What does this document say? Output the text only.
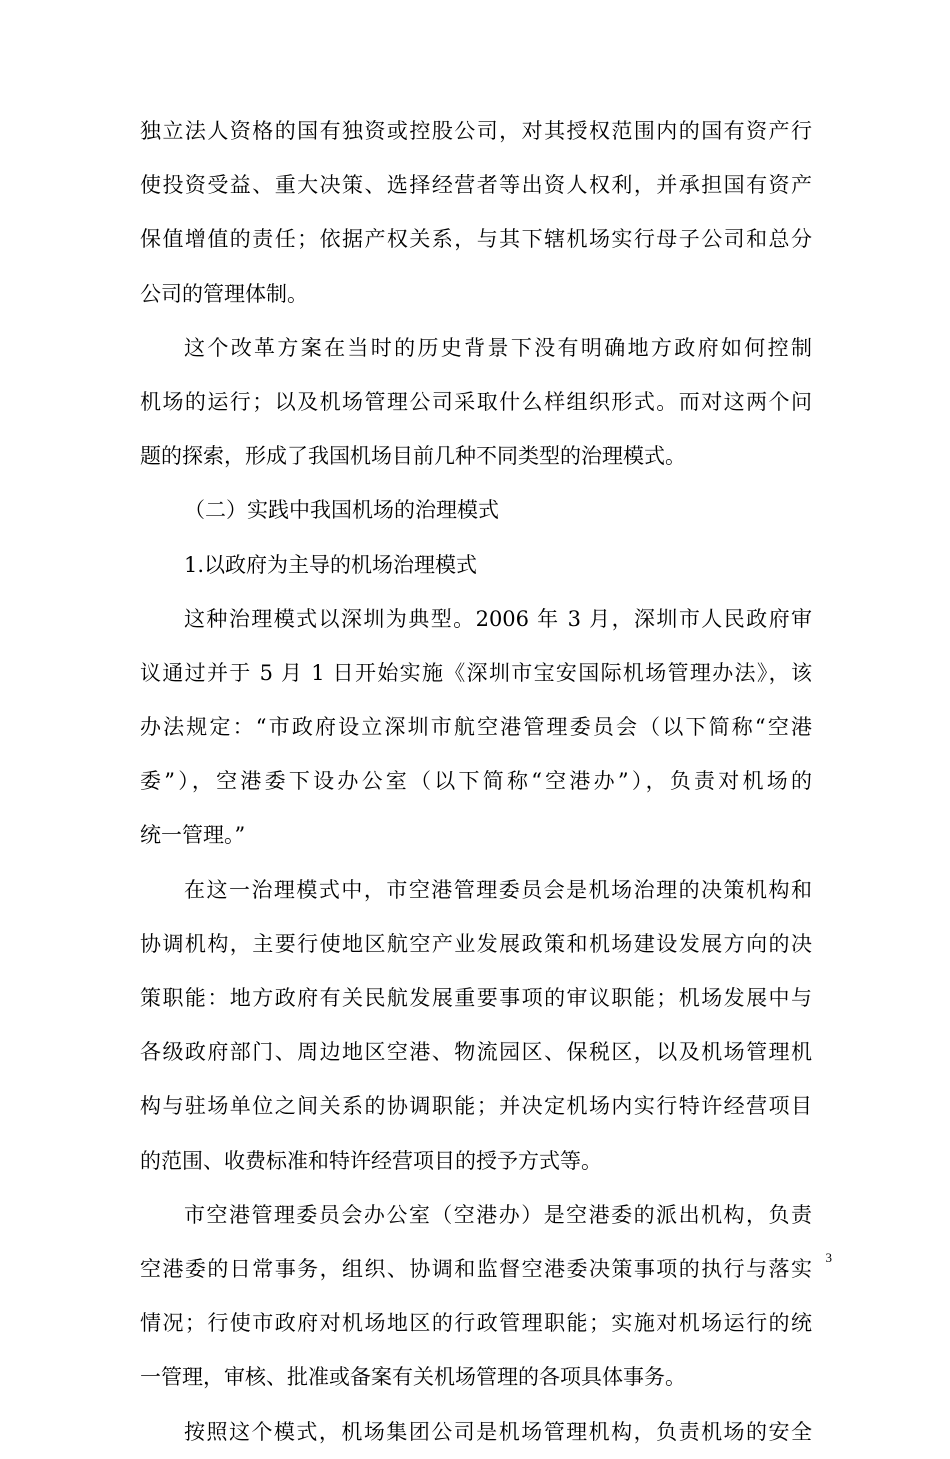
独立法人资格的国有独资或控股公司，对其授权范围内的国有资产行
使投资受益、重大决策、选择经营者等出资人权利，并承担国有资产
保值增值的责任；依据产权关系，与其下辖机场实行母子公司和总分
公司的管理体制。
这个改革方案在当时的历史背景下没有明确地方政府如何控制
机场的运行；以及机场管理公司采取什么样组织形式。而对这两个问
题的探索，形成了我国机场目前几种不同类型的治理模式。
（二）实践中我国机场的治理模式
1.以政府为主导的机场治理模式
这种治理模式以深圳为典型。2006 年 3 月，深圳市人民政府审
议通过并于 5 月 1 日开始实施《深圳市宝安国际机场管理办法》，该
办法规定：“市政府设立深圳市航空港管理委员会（以下简称“空港
委”），空港委下设办公室（以下简称“空港办”），负责对机场的
统一管理。”
在这一治理模式中，市空港管理委员会是机场治理的决策机构和
协调机构，主要行使地区航空产业发展政策和机场建设发展方向的决
策职能：地方政府有关民航发展重要事项的审议职能；机场发展中与
各级政府部门、周边地区空港、物流园区、保税区，以及机场管理机
构与驻场单位之间关系的协调职能；并决定机场内实行特许经营项目
的范围、收费标准和特许经营项目的授予方式等。
市空港管理委员会办公室（空港办）是空港委的派出机构，负责
空港委的日常事务，组织、协调和监督空港委决策事项的执行与落实
情况；行使市政府对机场地区的行政管理职能；实施对机场运行的统
一管理，审核、批准或备案有关机场管理的各项具体事务。
按照这个模式，机场集团公司是机场管理机构，负责机场的安全
3
